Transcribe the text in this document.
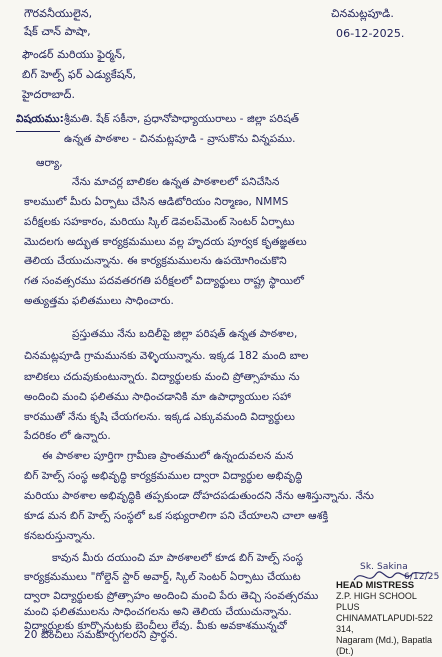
గౌరవనీయులైన,
షేక్ చాన్ పాషా,
ఫౌండర్ మరియు ఫైర్మన్,
బిగ్ హెల్ప్ ఫర్ ఎడ్యుకేషన్,
హైదరాబాద్.
చినమట్లపూడి.
06-12-2025.
విషయము: శ్రీమతి. షేక్ సకీనా, ప్రధానోపాధ్యాయురాలు - జిల్లా పరిషత్
ఉన్నత పాఠశాల - చినమట్లపూడి - వ్రాసుకొను విన్నపము.
ఆర్యా,
నేను మాచర్ల బాలికల ఉన్నత పాఠశాలలో పనిచేసిన
కాలములో మీరు ఏర్పాటు చేసిన ఆడిటోరియం నిర్మాణం, NMMS
పరీక్షలకు సహకారం, మరియు స్కిల్ డెవలప్‌మెంట్ సెంటర్ ఏర్పాటు
మొదలగు అద్భుత కార్యక్రమములు వల్ల హృదయ పూర్వక కృతజ్ఞతలు
తెలియ చేయుచున్నాను. ఈ కార్యక్రమములను ఉపయోగించుకొని
గత సంవత్సరము పదవతరగతి పరీక్షలలో విద్యార్థులు రాష్ట్ర స్థాయిలో
అత్యుత్తమ ఫలితములు సాధించారు.
ప్రస్తుతము నేను బదిలీపై జిల్లా పరిషత్ ఉన్నత పాఠశాల,
చినమట్లపూడి గ్రామమునకు వెళ్ళియున్నాను. ఇక్కడ 182 మంది బాల
బాలికలు చదువుకుంటున్నారు. విద్యార్థులకు మంచి ప్రోత్సాహము ను
అందించి మంచి ఫలితము సాధించడానికి మా ఉపాధ్యాయుల సహా
కారముతో నేను కృషి చేయగలను. ఇక్కడ ఎక్కువమంది విద్యార్థులు
పేదరికం లో ఉన్నారు.
ఈ పాఠశాల పూర్తిగా గ్రామీణ ప్రాంతములో ఉన్నందువలన మన
బిగ్ హెల్ప్ సంస్థ అభివృద్ధి కార్యక్రమముల ద్వారా విద్యార్థుల అభివృద్ధి
మరియు పాఠశాల అభివృద్ధికి తప్పకుండా దోహదపడుతుందని నేను ఆశిస్తున్నాను. నేను
కూడ మన బిగ్ హెల్ప్ సంస్థలో ఒక సభ్యురాలిగా పని చేయాలని చాలా ఆశక్తి
కనబరుస్తున్నాను.
కావున మీరు దయుంచి మా పాఠశాలలో కూడ బిగ్ హెల్ప్ సంస్థ
కార్యక్రమములు "గోల్డెన్ స్టార్ అవార్డ్, స్కిల్ సెంటర్ ఏర్పాటు చేయుట
ద్వారా విద్యార్థులకు ప్రోత్సాహం అందించి మంచి పేరు తెచ్చి సంవత్సరము
మంచి ఫలితములను సాధించగలను అని తెలియ చేయుచున్నాను.
విద్యార్థులకు కూర్చొనుటకు బెంచీలు లేవు. మీకు అవకాశమున్నచో
20 బెంచీలు సమకూర్చగలరని ప్రార్థన.
Sk. Sakina
6/12/25
HEAD MISTRESS
Z.P. HIGH SCHOOL PLUS
CHINAMATLAPUDI-522 314,
Nagaram (Md.), Bapatla (Dt.)
